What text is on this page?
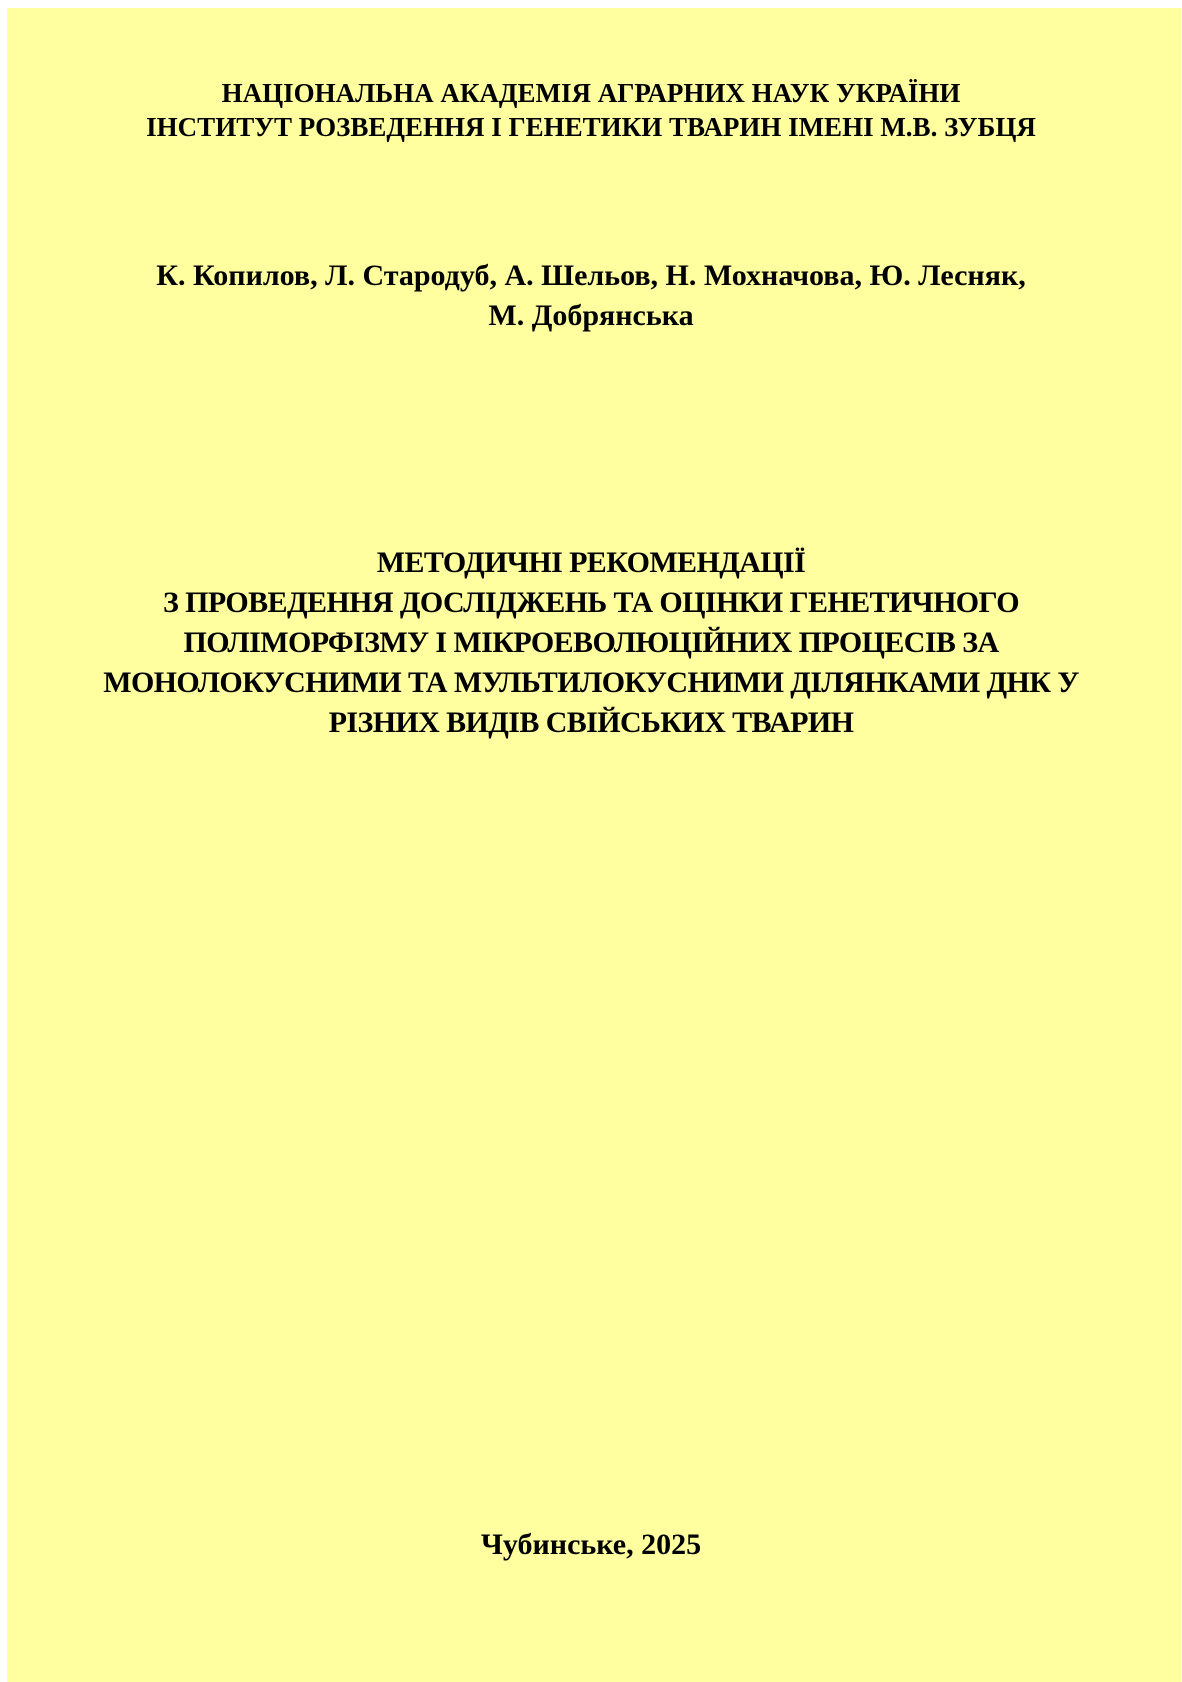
НАЦІОНАЛЬНА АКАДЕМІЯ АГРАРНИХ НАУК УКРАЇНИ

ІНСТИТУТ РОЗВЕДЕННЯ І ГЕНЕТИКИ ТВАРИН ІМЕНІ М.В. ЗУБЦЯ

К. Копилов, Л. Стародуб, А. Шельов, Н. Мохначова, Ю. Лесняк,

М. Добрянська

МЕТОДИЧНІ РЕКОМЕНДАЦІЇ

З ПРОВЕДЕННЯ ДОСЛІДЖЕНЬ ТА ОЦІНКИ ГЕНЕТИЧНОГО

ПОЛІМОРФІЗМУ І МІКРОЕВОЛЮЦІЙНИХ ПРОЦЕСІВ ЗА

МОНОЛОКУСНИМИ ТА МУЛЬТИЛОКУСНИМИ ДІЛЯНКАМИ ДНК У

РІЗНИХ ВИДІВ СВІЙСЬКИХ ТВАРИН

Чубинське, 2025
